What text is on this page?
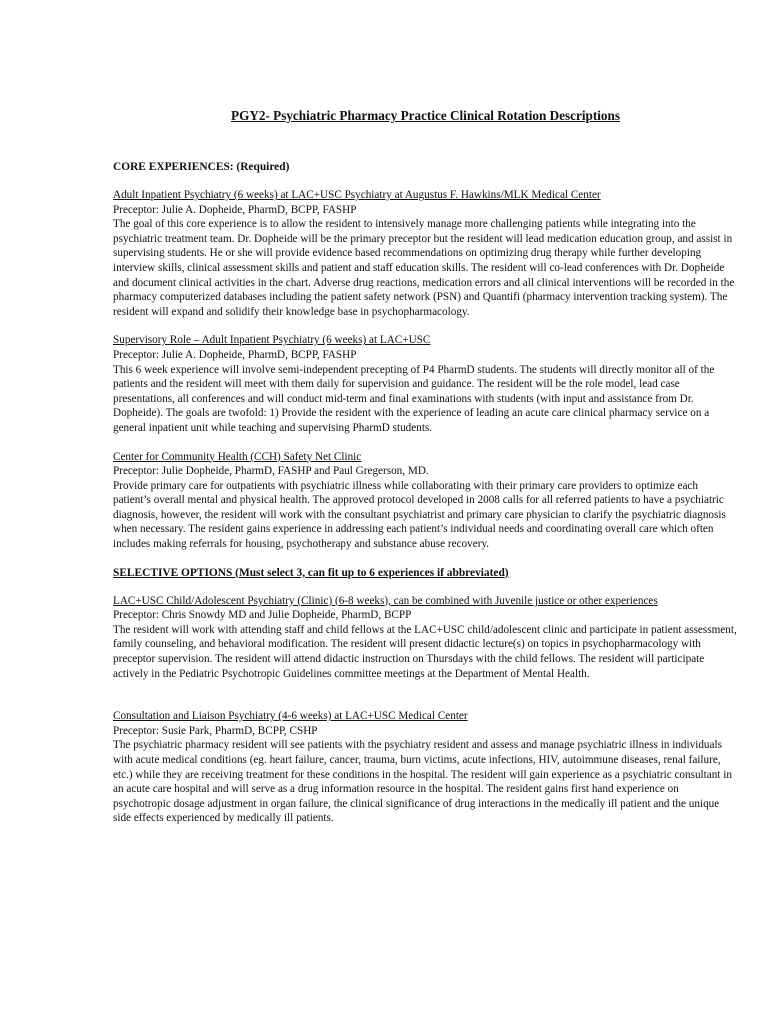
PGY2- Psychiatric Pharmacy Practice Clinical Rotation Descriptions
CORE EXPERIENCES: (Required)

Adult Inpatient Psychiatry (6 weeks) at LAC+USC Psychiatry at Augustus F. Hawkins/MLK Medical Center

Preceptor: Julie A. Dopheide, PharmD, BCPP, FASHP

The goal of this core experience is to allow the resident to intensively manage more challenging patients while integrating into the psychiatric treatment team. Dr. Dopheide will be the primary preceptor but the resident will lead medication education group, and assist in supervising students. He or she will provide evidence based recommendations on optimizing drug therapy while further developing interview skills, clinical assessment skills and patient and staff education skills. The resident will co-lead conferences with Dr. Dopheide and document clinical activities in the chart. Adverse drug reactions, medication errors and all clinical interventions will be recorded in the pharmacy computerized databases including the patient safety network (PSN) and Quantifi (pharmacy intervention tracking system). The resident will expand and solidify their knowledge base in psychopharmacology.

Supervisory Role – Adult Inpatient Psychiatry (6 weeks) at LAC+USC

Preceptor: Julie A. Dopheide, PharmD, BCPP, FASHP

This 6 week experience will involve semi-independent precepting of P4 PharmD students. The students will directly monitor all of the patients and the resident will meet with them daily for supervision and guidance. The resident will be the role model, lead case presentations, all conferences and will conduct mid-term and final examinations with students (with input and assistance from Dr. Dopheide). The goals are twofold: 1) Provide the resident with the experience of leading an acute care clinical pharmacy service on a general inpatient unit while teaching and supervising PharmD students.

Center for Community Health (CCH) Safety Net Clinic

Preceptor: Julie Dopheide, PharmD, FASHP and Paul Gregerson, MD.

Provide primary care for outpatients with psychiatric illness while collaborating with their primary care providers to optimize each patient’s overall mental and physical health. The approved protocol developed in 2008 calls for all referred patients to have a psychiatric diagnosis, however, the resident will work with the consultant psychiatrist and primary care physician to clarify the psychiatric diagnosis when necessary. The resident gains experience in addressing each patient’s individual needs and coordinating overall care which often includes making referrals for housing, psychotherapy and substance abuse recovery.

SELECTIVE OPTIONS (Must select 3, can fit up to 6 experiences if abbreviated)

LAC+USC Child/Adolescent Psychiatry (Clinic) (6-8 weeks), can be combined with Juvenile justice or other experiences

Preceptor: Chris Snowdy MD and Julie Dopheide, PharmD, BCPP

The resident will work with attending staff and child fellows at the LAC+USC child/adolescent clinic and participate in patient assessment, family counseling, and behavioral modification. The resident will present didactic lecture(s) on topics in psychopharmacology with preceptor supervision. The resident will attend didactic instruction on Thursdays with the child fellows. The resident will participate actively in the Pediatric Psychotropic Guidelines committee meetings at the Department of Mental Health.

Consultation and Liaison Psychiatry (4-6 weeks) at LAC+USC Medical Center

Preceptor: Susie Park, PharmD, BCPP, CSHP

The psychiatric pharmacy resident will see patients with the psychiatry resident and assess and manage psychiatric illness in individuals with acute medical conditions (eg. heart failure, cancer, trauma, burn victims, acute infections, HIV, autoimmune diseases, renal failure, etc.) while they are receiving treatment for these conditions in the hospital. The resident will gain experience as a psychiatric consultant in an acute care hospital and will serve as a drug information resource in the hospital. The resident gains first hand experience on psychotropic dosage adjustment in organ failure, the clinical significance of drug interactions in the medically ill patient and the unique side effects experienced by medically ill patients.
